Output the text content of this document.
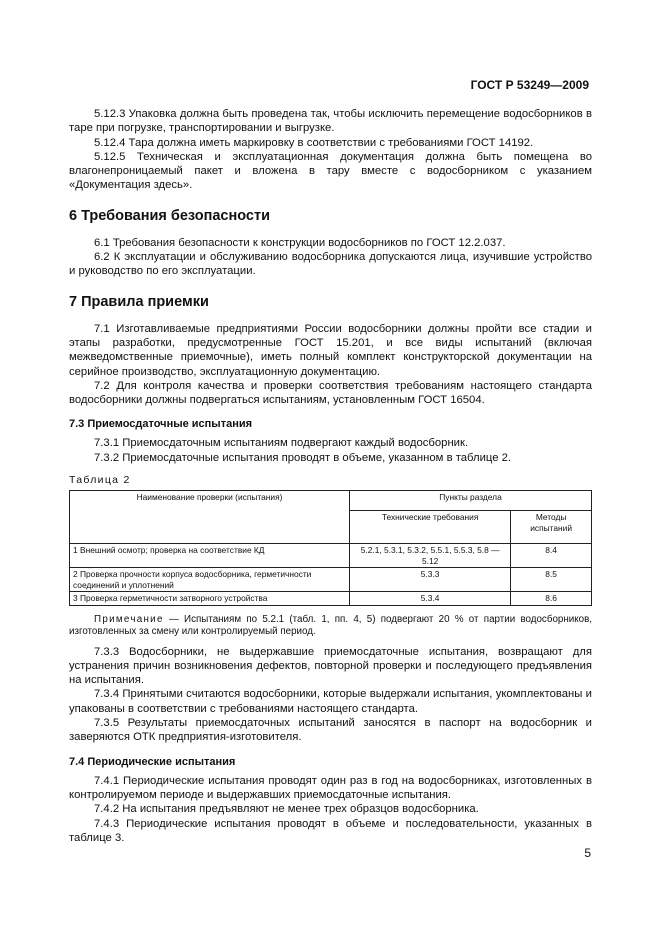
ГОСТ Р 53249—2009

5.12.3 Упаковка должна быть проведена так, чтобы исключить перемещение водосборников в таре при погрузке, транспортировании и выгрузке.

5.12.4 Тара должна иметь маркировку в соответствии с требованиями ГОСТ 14192.

5.12.5 Техническая и эксплуатационная документация должна быть помещена во влагонепроницаемый пакет и вложена в тару вместе с водосборником с указанием «Документация здесь».

6 Требования безопасности

6.1 Требования безопасности к конструкции водосборников по ГОСТ 12.2.037.

6.2 К эксплуатации и обслуживанию водосборника допускаются лица, изучившие устройство и руководство по его эксплуатации.

7 Правила приемки

7.1 Изготавливаемые предприятиями России водосборники должны пройти все стадии и этапы разработки, предусмотренные ГОСТ 15.201, и все виды испытаний (включая межведомственные приемочные), иметь полный комплект конструкторской документации на серийное производство, эксплуатационную документацию.

7.2 Для контроля качества и проверки соответствия требованиям настоящего стандарта водосборники должны подвергаться испытаниям, установленным ГОСТ 16504.

7.3 Приемосдаточные испытания

7.3.1 Приемосдаточным испытаниям подвергают каждый водосборник.

7.3.2 Приемосдаточные испытания проводят в объеме, указанном в таблице 2.

Таблица 2
Наименование проверки (испытания)	Пункты раздела	
	Технические требования	Методы испытаний
1 Внешний осмотр; проверка на соответствие КД	5.2.1, 5.3.1, 5.3.2, 5.5.1, 5.5.3, 5.8 — 5.12	8.4
2 Проверка прочности корпуса водосборника, герметичности соединений и уплотнений	5.3.3	8.5
3 Проверка герметичности затворного устройства	5.3.4	8.6

Примечание — Испытаниям по 5.2.1 (табл. 1, пп. 4, 5) подвергают 20 % от партии водосборников, изготовленных за смену или контролируемый период.

7.3.3 Водосборники, не выдержавшие приемосдаточные испытания, возвращают для устранения причин возникновения дефектов, повторной проверки и последующего предъявления на испытания.

7.3.4 Принятыми считаются водосборники, которые выдержали испытания, укомплектованы и упакованы в соответствии с требованиями настоящего стандарта.

7.3.5 Результаты приемосдаточных испытаний заносятся в паспорт на водосборник и заверяются ОТК предприятия-изготовителя.

7.4 Периодические испытания

7.4.1 Периодические испытания проводят один раз в год на водосборниках, изготовленных в контролируемом периоде и выдержавших приемосдаточные испытания.

7.4.2 На испытания предъявляют не менее трех образцов водосборника.

7.4.3 Периодические испытания проводят в объеме и последовательности, указанных в таблице 3.

5
